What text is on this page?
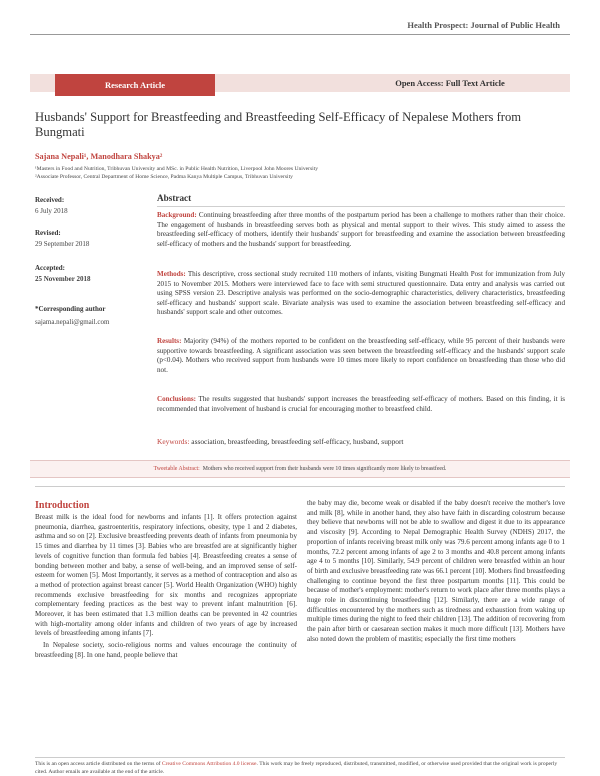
Health Prospect: Journal of Public Health
Research Article	Open Access: Full Text Article
Husbands' Support for Breastfeeding and Breastfeeding Self-Efficacy of Nepalese Mothers from Bungmati
Sajana Nepali¹, Manodhara Shakya²
¹Masters in Food and Nutrition, Tribhuvan University and MSc. in Public Health Nutrition, Liverpool John Moores University
²Associate Professor, Central Department of Home Science, Padma Kanya Multiple Campus, Tribhuvan University
Received:
6 July 2018
Revised:
29 September 2018
Accepted:
25 November 2018
*Corresponding author
sajama.nepali@gmail.com
Abstract
Background: Continuing breastfeeding after three months of the postpartum period has been a challenge to mothers rather than their choice. The engagement of husbands in breastfeeding serves both as physical and mental support to their wives. This study aimed to assess the breastfeeding self-efficacy of mothers, identify their husbands' support for breastfeeding and examine the association between breastfeeding self-efficacy of mothers and the husbands' support for breastfeeding.
Methods: This descriptive, cross sectional study recruited 110 mothers of infants, visiting Bungmati Health Post for immunization from July 2015 to November 2015. Mothers were interviewed face to face with semi structured questionnaire. Data entry and analysis was carried out using SPSS version 23. Descriptive analysis was performed on the socio-demographic characteristics, delivery characteristics, breastfeeding self-efficacy and husbands' support scale. Bivariate analysis was used to examine the association between breastfeeding self-efficacy and husbands' support scale and other outcomes.
Results: Majority (94%) of the mothers reported to be confident on the breastfeeding self-efficacy, while 95 percent of their husbands were supportive towards breastfeeding. A significant association was seen between the breastfeeding self-efficacy and the husbands' support scale (p<0.04). Mothers who received support from husbands were 10 times more likely to report confidence on breastfeeding than those who did not.
Conclusions: The results suggested that husbands' support increases the breastfeeding self-efficacy of mothers. Based on this finding, it is recommended that involvement of husband is crucial for encouraging mother to breastfeed child.
Keywords: association, breastfeeding, breastfeeding self-efficacy, husband, support
Tweetable Abstract: Mothers who received support from their husbands were 10 times significantly more likely to breastfeed.
Introduction

Breast milk is the ideal food for newborns and infants [1]. It offers protection against pneumonia, diarrhea, gastroenteritis, respiratory infections, obesity, type 1 and 2 diabetes, asthma and so on [2]. Exclusive breastfeeding prevents death of infants from pneumonia by 15 times and diarrhea by 11 times [3]. Babies who are breastfed are at significantly higher levels of cognitive function than formula fed babies [4]. Breastfeeding creates a sense of bonding between mother and baby, a sense of well-being, and an improved sense of self-esteem for women [5]. Most Importantly, it serves as a method of contraception and also as a method of protection against breast cancer [5]. World Health Organization (WHO) highly recommends exclusive breastfeeding for six months and recognizes appropriate complementary feeding practices as the best way to prevent infant malnutrition [6]. Moreover, it has been estimated that 1.3 million deaths can be prevented in 42 countries with high-mortality among older infants and children of two years of age by increased levels of breastfeeding among infants [7].

In Nepalese society, socio-religious norms and values encourage the continuity of breastfeeding [8]. In one hand, people believe that

the baby may die, become weak or disabled if the baby doesn't receive the mother's love and milk [8], while in another hand, they also have faith in discarding colostrum because they believe that newborns will not be able to swallow and digest it due to its appearance and viscosity [9]. According to Nepal Demographic Health Survey (NDHS) 2017, the proportion of infants receiving breast milk only was 79.6 percent among infants age 0 to 1 months, 72.2 percent among infants of age 2 to 3 months and 40.8 percent among infants age 4 to 5 months [10]. Similarly, 54.9 percent of children were breastfed within an hour of birth and exclusive breastfeeding rate was 66.1 percent [10]. Mothers find breastfeeding challenging to continue beyond the first three postpartum months [11]. This could be because of mother's employment: mother's return to work place after three months plays a huge role in discontinuing breastfeeding [12]. Similarly, there are a wide range of difficulties encountered by the mothers such as tiredness and exhaustion from waking up multiple times during the night to feed their children [13]. The addition of recovering from the pain after birth or caesarean section makes it much more difficult [13]. Mothers have also noted down the problem of mastitis; especially the first time mothers

This is an open access article distributed on the terms of Creative Commons Attribution 4.0 license. This work may be freely reproduced, distributed, transmitted, modified, or otherwise used provided that the original work is properly cited. Author emails are available at the end of the article.
